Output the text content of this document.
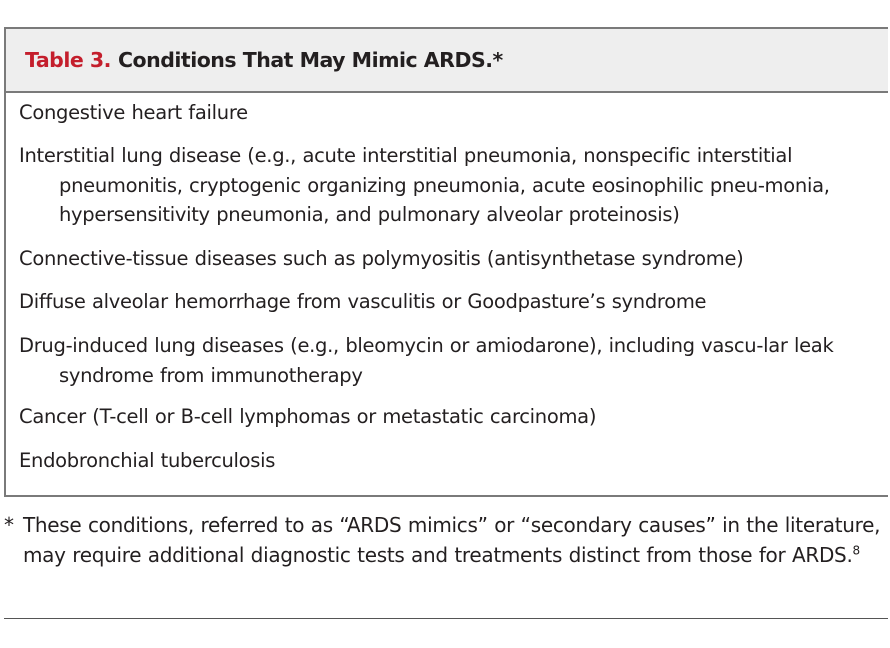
Table 3. Conditions That May Mimic ARDS.*
Congestive heart failure
Interstitial lung disease (e.g., acute interstitial pneumonia, nonspecific interstitial pneumonitis, cryptogenic organizing pneumonia, acute eosinophilic pneu-monia, hypersensitivity pneumonia, and pulmonary alveolar proteinosis)
Connective-tissue diseases such as polymyositis (antisynthetase syndrome)
Diffuse alveolar hemorrhage from vasculitis or Goodpasture’s syndrome
Drug-induced lung diseases (e.g., bleomycin or amiodarone), including vascu-lar leak syndrome from immunotherapy
Cancer (T-cell or B-cell lymphomas or metastatic carcinoma)
Endobronchial tuberculosis
* These conditions, referred to as “ARDS mimics” or “secondary causes” in the literature, may require additional diagnostic tests and treatments distinct from those for ARDS.$^8$
